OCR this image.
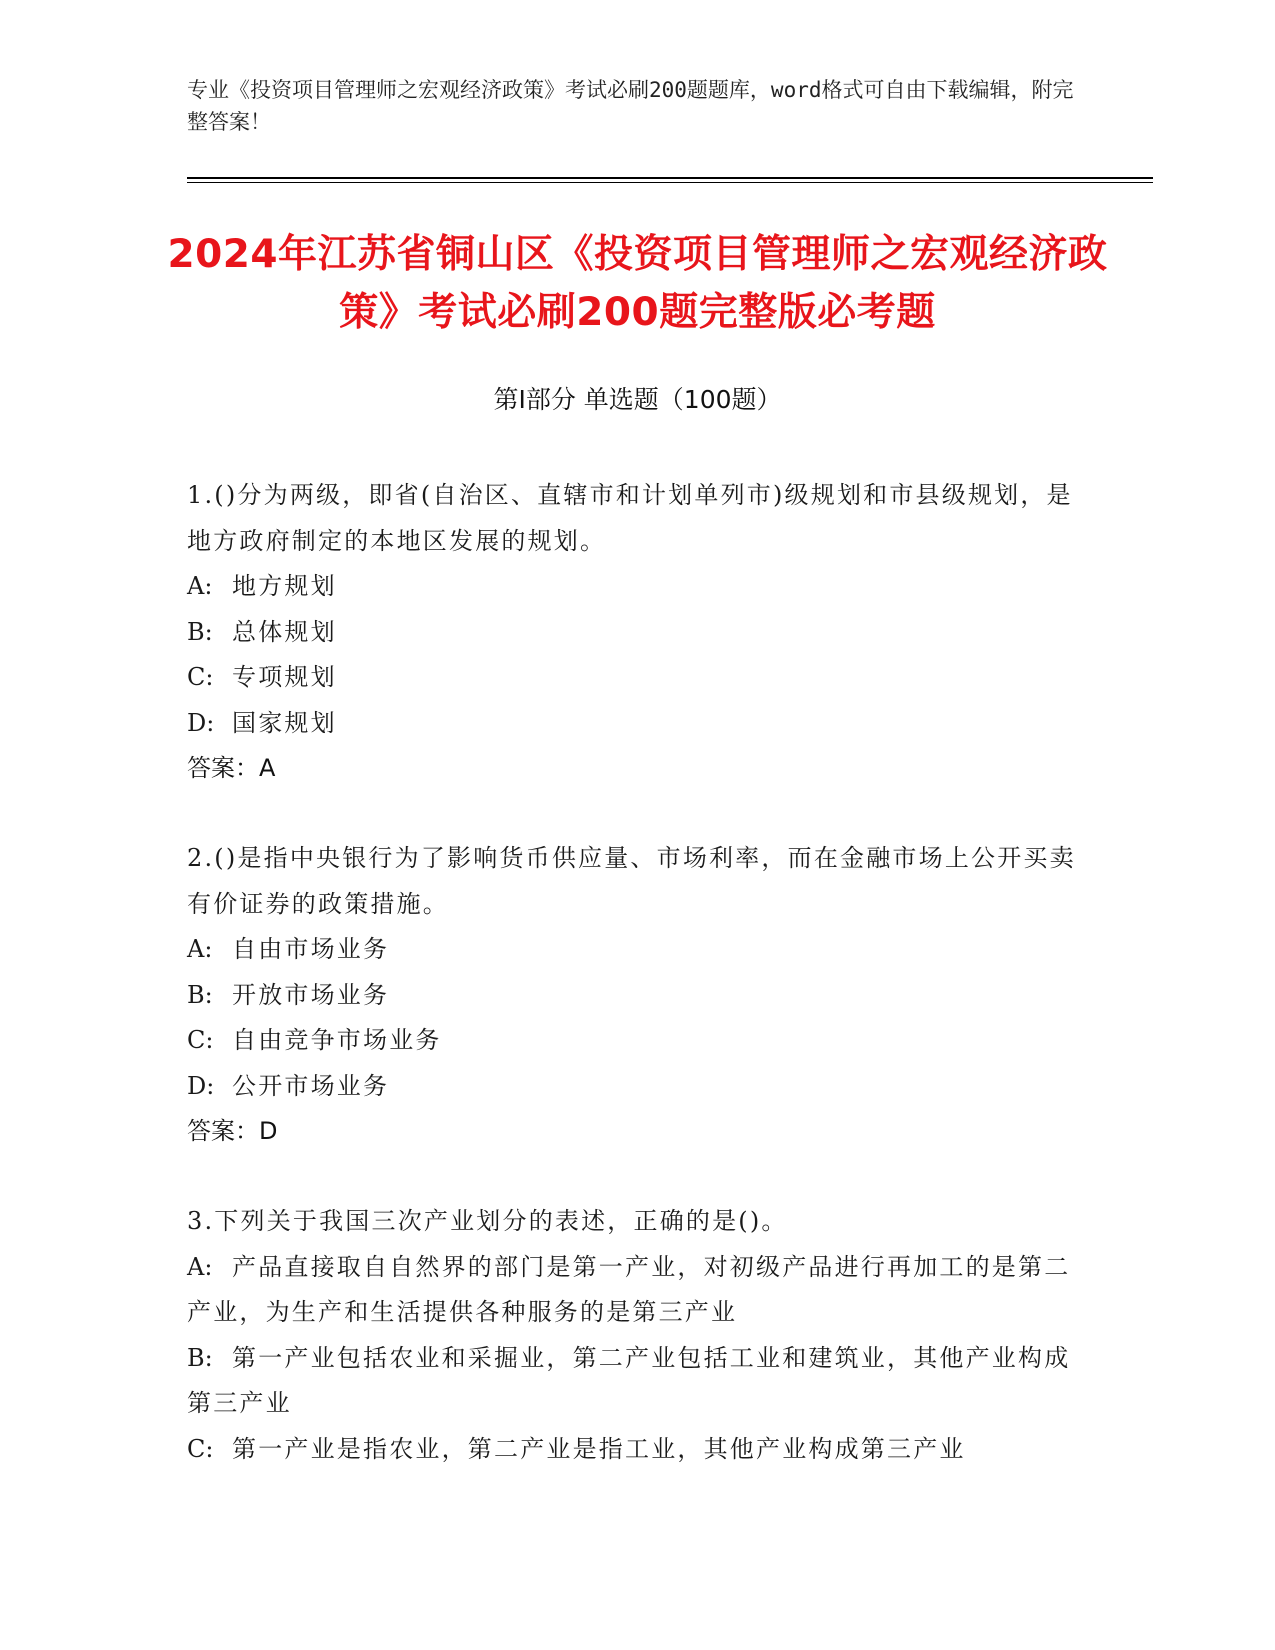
专业《投资项目管理师之宏观经济政策》考试必刷200题题库，word格式可自由下载编辑，附完整答案！
2024年江苏省铜山区《投资项目管理师之宏观经济政策》考试必刷200题完整版必考题
第Ⅰ部分 单选题（100题）

1.()分为两级，即省(自治区、直辖市和计划单列市)级规划和市县级规划，是地方政府制定的本地区发展的规划。

A: 地方规划

B: 总体规划

C: 专项规划

D: 国家规划

答案：A

2.()是指中央银行为了影响货币供应量、市场利率，而在金融市场上公开买卖有价证券的政策措施。

A: 自由市场业务

B: 开放市场业务

C: 自由竞争市场业务

D: 公开市场业务

答案：D

3.下列关于我国三次产业划分的表述，正确的是()。

A: 产品直接取自自然界的部门是第一产业，对初级产品进行再加工的是第二产业，为生产和生活提供各种服务的是第三产业

B: 第一产业包括农业和采掘业，第二产业包括工业和建筑业，其他产业构成第三产业

C: 第一产业是指农业，第二产业是指工业，其他产业构成第三产业
